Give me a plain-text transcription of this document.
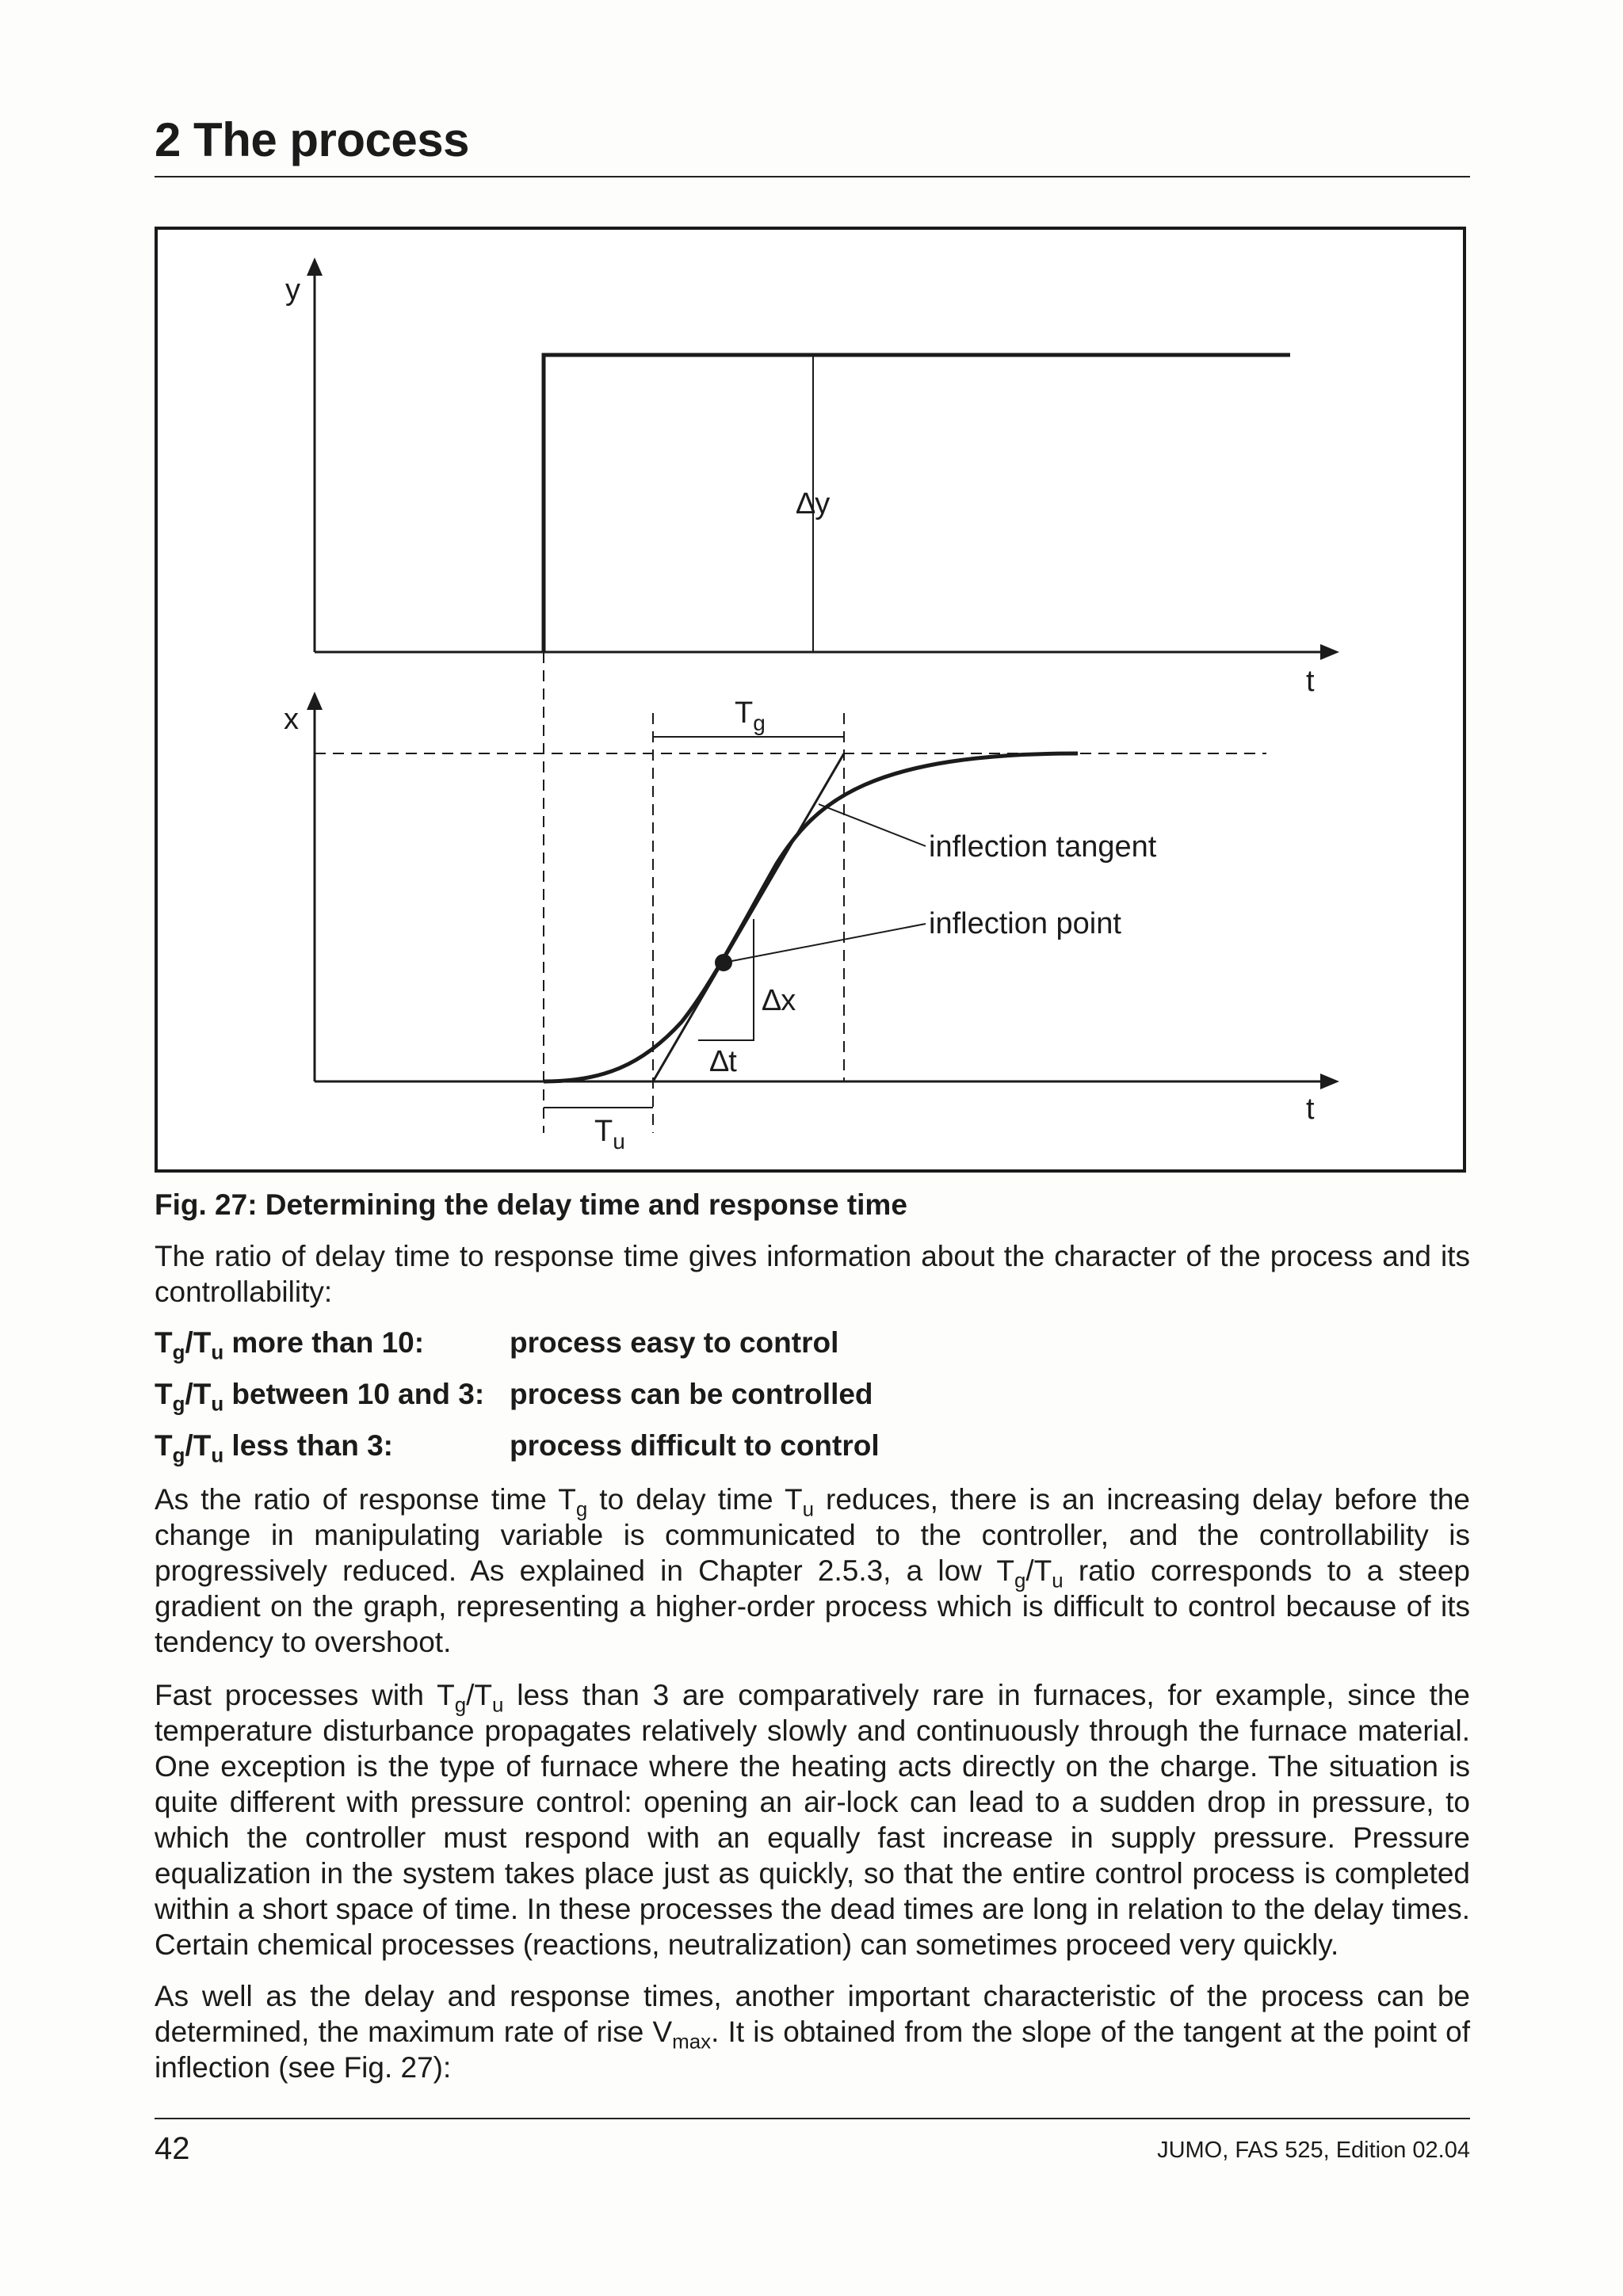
2 The process
y
t
∆y
x
t
$T_g$
$T_u$
∆x
∆t
inflection tangent
inflection point

Fig. 27: Determining the delay time and response time

The ratio of delay time to response time gives information about the character of the process and its controllability:

$T_g/T_u$ more than 10:	process easy to control

$T_g/T_u$ between 10 and 3: process can be controlled

$T_g/T_u$ less than 3:	process difficult to control

As the ratio of response time $T_g$ to delay time $T_u$ reduces, there is an increasing delay before the change in manipulating variable is communicated to the controller, and the controllability is progressively reduced. As explained in Chapter 2.5.3, a low $T_g/T_u$ ratio corresponds to a steep gradient on the graph, representing a higher-order process which is difficult to control because of its tendency to overshoot.

Fast processes with $T_g/T_u$ less than 3 are comparatively rare in furnaces, for example, since the temperature disturbance propagates relatively slowly and continuously through the furnace material. One exception is the type of furnace where the heating acts directly on the charge. The situation is quite different with pressure control: opening an air-lock can lead to a sudden drop in pressure, to which the controller must respond with an equally fast increase in supply pressure. Pressure equalization in the system takes place just as quickly, so that the entire control process is completed within a short space of time. In these processes the dead times are long in relation to the delay times. Certain chemical processes (reactions, neutralization) can sometimes proceed very quickly.

As well as the delay and response times, another important characteristic of the process can be determined, the maximum rate of rise $V_{max}$. It is obtained from the slope of the tangent at the point of inflection (see Fig. 27):

42	JUMO, FAS 525, Edition 02.04
